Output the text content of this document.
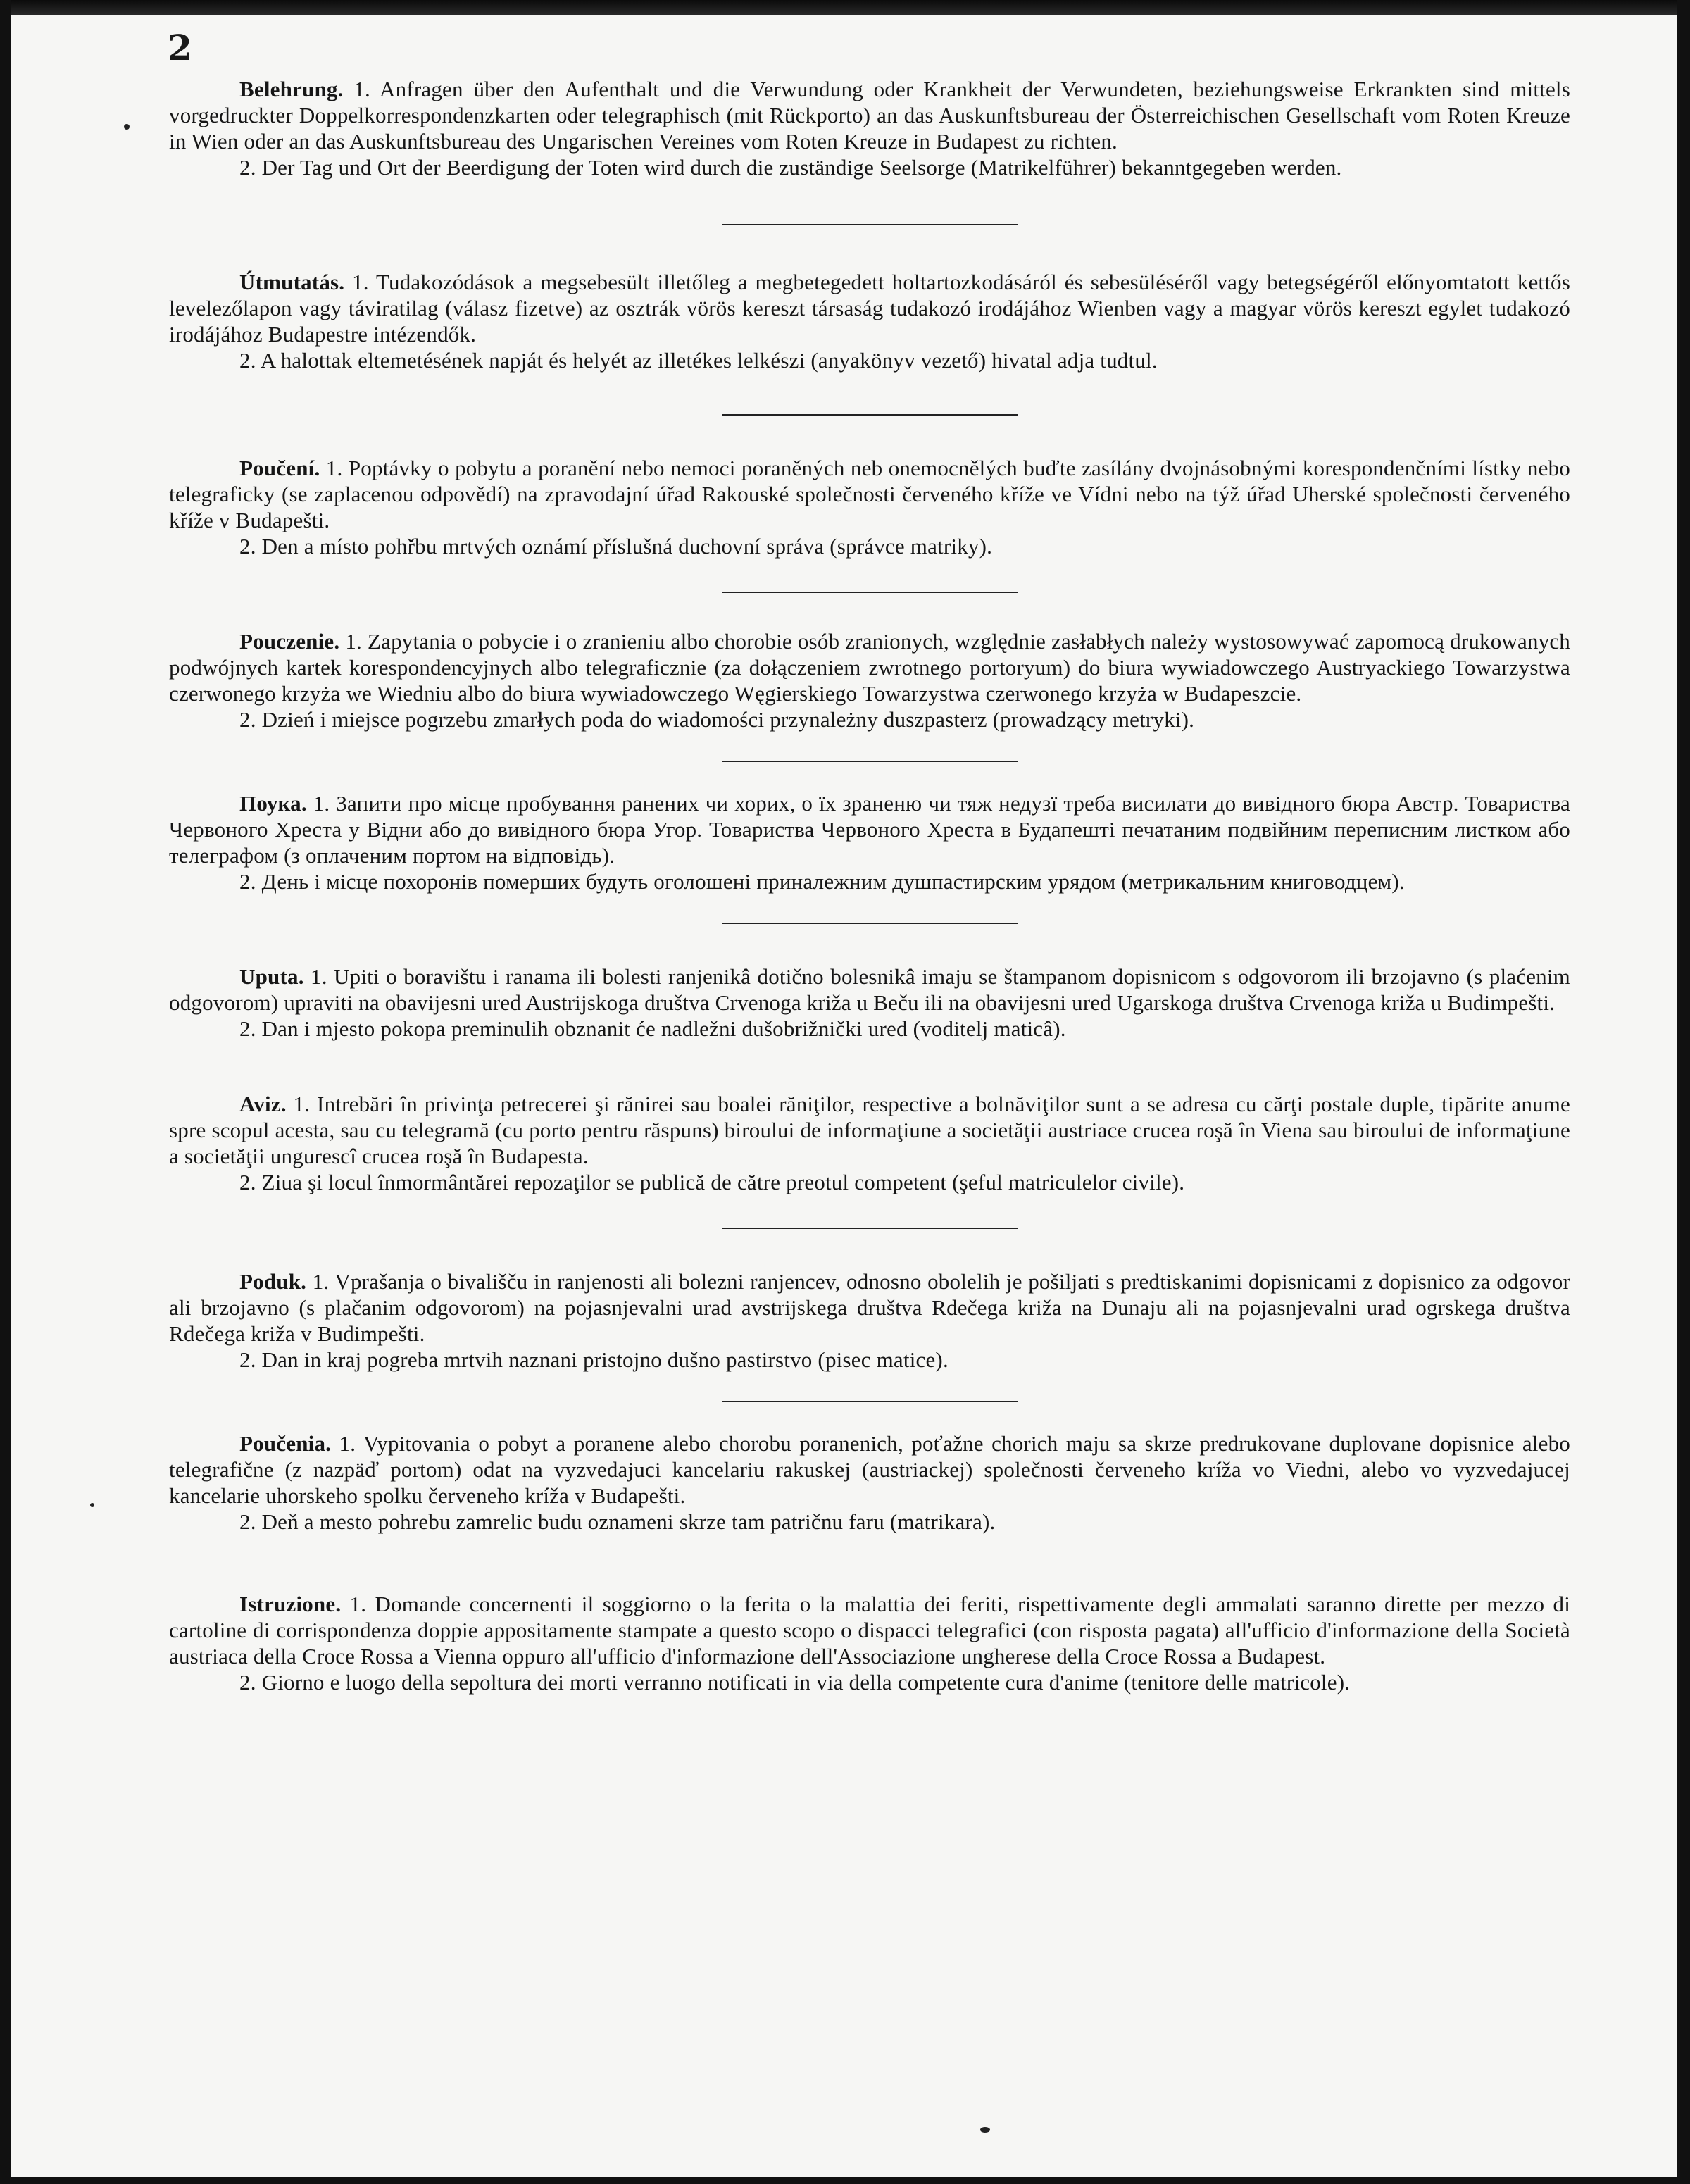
2

Belehrung. 1. Anfragen über den Aufenthalt und die Verwundung oder Krankheit der Verwundeten, beziehungsweise Erkrankten sind mittels vorgedruckter Doppelkorrespondenzkarten oder telegraphisch (mit Rückporto) an das Auskunftsbureau der Österreichischen Gesellschaft vom Roten Kreuze in Wien oder an das Auskunftsbureau des Ungarischen Vereines vom Roten Kreuze in Budapest zu richten.

2. Der Tag und Ort der Beerdigung der Toten wird durch die zuständige Seelsorge (Matrikelführer) bekanntgegeben werden.

Útmutatás. 1. Tudakozódások a megsebesült illetőleg a megbetegedett holtartozkodásáról és sebesüléséről vagy betegségéről előnyomtatott kettős levelezőlapon vagy táviratilag (válasz fizetve) az osztrák vörös kereszt társaság tudakozó irodájához Wienben vagy a magyar vörös kereszt egylet tudakozó irodájához Budapestre intézendők.

2. A halottak eltemetésének napját és helyét az illetékes lelkészi (anyakönyv vezető) hivatal adja tudtul.

Poučení. 1. Poptávky o pobytu a poranění nebo nemoci poraněných neb onemocnělých buďte zasílány dvojnásobnými korespondenčními lístky nebo telegraficky (se zaplacenou odpovědí) na zpravodajní úřad Rakouské společnosti červeného kříže ve Vídni nebo na týž úřad Uherské společnosti červeného kříže v Budapešti.

2. Den a místo pohřbu mrtvých oznámí příslušná duchovní správa (správce matriky).

Pouczenie. 1. Zapytania o pobycie i o zranieniu albo chorobie osób zranionych, względnie zasłabłych należy wystosowywać zapomocą drukowanych podwójnych kartek korespondencyjnych albo telegraficznie (za dołączeniem zwrotnego portoryum) do biura wywiadowczego Austryackiego Towarzystwa czerwonego krzyża we Wiedniu albo do biura wywiadowczego Węgierskiego Towarzystwa czerwonego krzyża w Budapeszcie.

2. Dzień i miejsce pogrzebu zmarłych poda do wiadomości przynależny duszpasterz (prowadzący metryki).

Поука. 1. Запити про місце пробування ранених чи хорих, о їх зраненю чи тяж недузї треба висилати до вивідного бюра Австр. Товариства Червоного Хреста у Відни або до вивідного бюра Угор. Товариства Червоного Хреста в Будапешті печатаним подвійним переписним листком або телеграфом (з оплаченим портом на відповідь).

2. День і місце похоронів померших будуть оголошені приналежним душпастирским урядом (метрикальним книговодцем).

Uputa. 1. Upiti o boravištu i ranama ili bolesti ranjenikâ dotično bolesnikâ imaju se štampanom dopisnicom s odgovorom ili brzojavno (s plaćenim odgovorom) upraviti na obavijesni ured Austrijskoga društva Crvenoga križa u Beču ili na obavijesni ured Ugarskoga društva Crvenoga križa u Budimpešti.

2. Dan i mjesto pokopa preminulih obznanit će nadležni dušobrižnički ured (voditelj maticâ).

Aviz. 1. Intrebări în privinţa petrecerei şi rănirei sau boalei răniţilor, respective a bolnăviţilor sunt a se adresa cu cărţi postale duple, tipărite anume spre scopul acesta, sau cu telegramă (cu porto pentru răspuns) biroului de informaţiune a societăţii austriace crucea roşă în Viena sau biroului de informaţiune a societăţii ungurescî crucea roşă în Budapesta.

2. Ziua şi locul înmormântărei repozaţilor se publică de către preotul competent (şeful matriculelor civile).

Poduk. 1. Vprašanja o bivališču in ranjenosti ali bolezni ranjencev, odnosno obolelih je pošiljati s predtiskanimi dopisnicami z dopisnico za odgovor ali brzojavno (s plačanim odgovorom) na pojasnjevalni urad avstrijskega društva Rdečega križa na Dunaju ali na pojasnjevalni urad ogrskega društva Rdečega križa v Budimpešti.

2. Dan in kraj pogreba mrtvih naznani pristojno dušno pastirstvo (pisec matice).

Poučenia. 1. Vypitovania o pobyt a poranene alebo chorobu poranenich, poťažne chorich maju sa skrze predrukovane duplovane dopisnice alebo telegrafične (z nazpäď portom) odat na vyzvedajuci kancelariu rakuskej (austriackej) společnosti červeneho kríža vo Viedni, alebo vo vyzvedajucej kancelarie uhorskeho spolku červeneho kríža v Budapešti.

2. Deň a mesto pohrebu zamrelic budu oznameni skrze tam patričnu faru (matrikara).

Istruzione. 1. Domande concernenti il soggiorno o la ferita o la malattia dei feriti, rispettivamente degli ammalati saranno dirette per mezzo di cartoline di corrispondenza doppie appositamente stampate a questo scopo o dispacci telegrafici (con risposta pagata) all'ufficio d'informazione della Società austriaca della Croce Rossa a Vienna oppuro all'ufficio d'informazione dell'Associazione ungherese della Croce Rossa a Budapest.

2. Giorno e luogo della sepoltura dei morti verranno notificati in via della competente cura d'anime (tenitore delle matricole).
